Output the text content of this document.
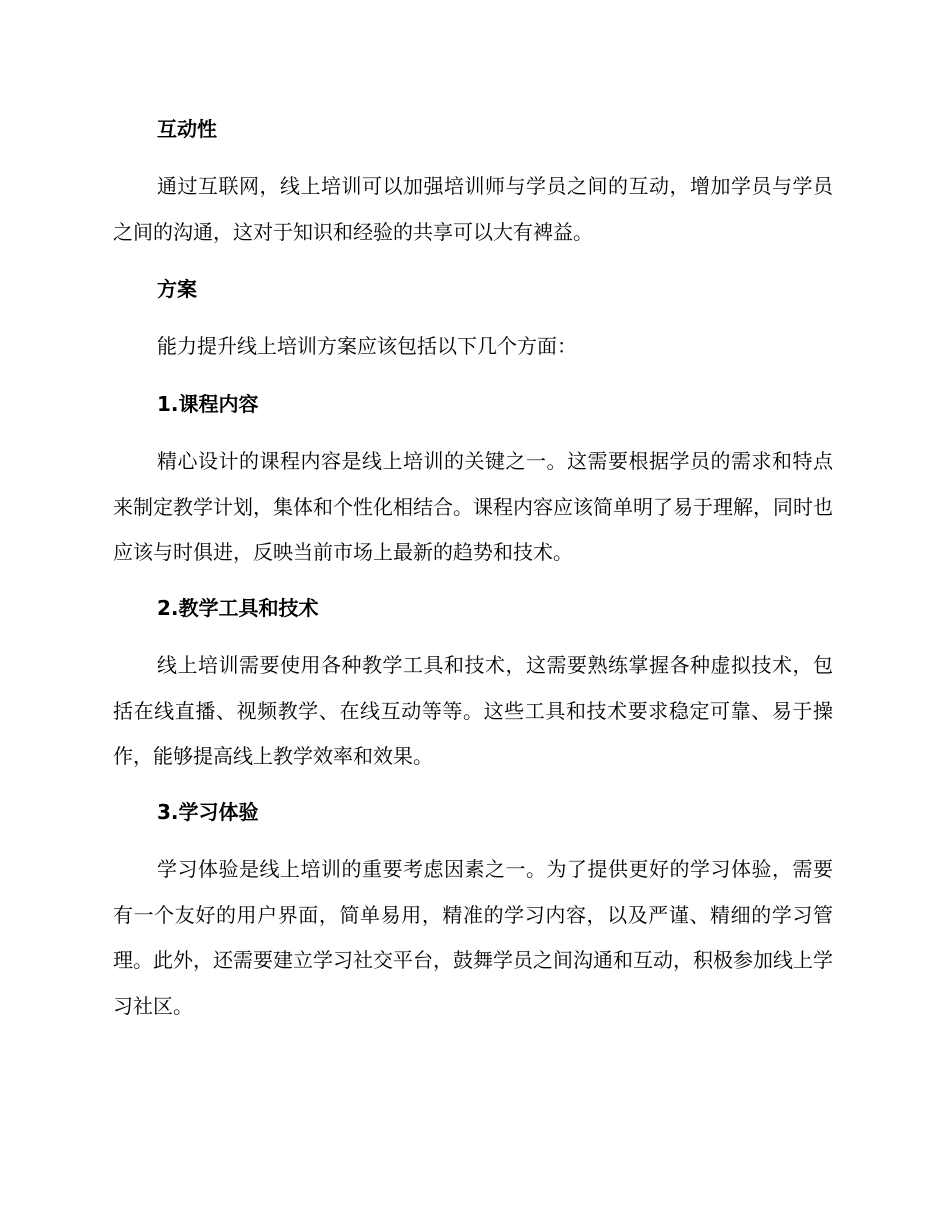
互动性

通过互联网，线上培训可以加强培训师与学员之间的互动，增加学员与学员之间的沟通，这对于知识和经验的共享可以大有裨益。

方案

能力提升线上培训方案应该包括以下几个方面：

1.课程内容

精心设计的课程内容是线上培训的关键之一。这需要根据学员的需求和特点来制定教学计划，集体和个性化相结合。课程内容应该简单明了易于理解，同时也应该与时俱进，反映当前市场上最新的趋势和技术。

2.教学工具和技术

线上培训需要使用各种教学工具和技术，这需要熟练掌握各种虚拟技术，包括在线直播、视频教学、在线互动等等。这些工具和技术要求稳定可靠、易于操作，能够提高线上教学效率和效果。

3.学习体验

学习体验是线上培训的重要考虑因素之一。为了提供更好的学习体验，需要有一个友好的用户界面，简单易用，精准的学习内容，以及严谨、精细的学习管理。此外，还需要建立学习社交平台，鼓舞学员之间沟通和互动，积极参加线上学习社区。
